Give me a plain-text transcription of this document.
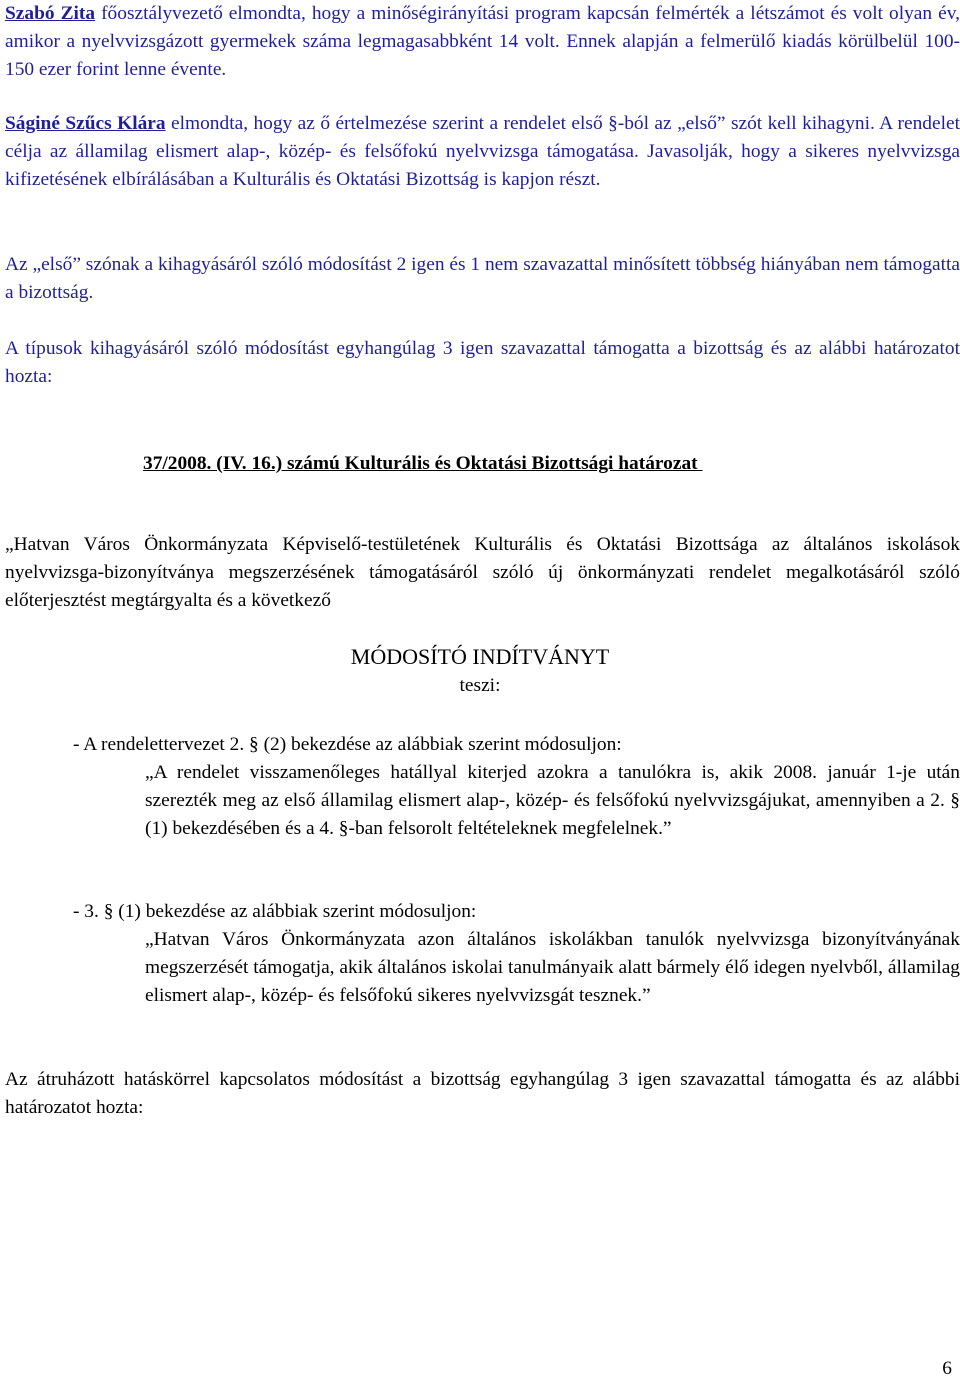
Szabó Zita főosztályvezető elmondta, hogy a minőségirányítási program kapcsán felmérték a létszámot és volt olyan év, amikor a nyelvvizsgázott gyermekek száma legmagasabbként 14 volt. Ennek alapján a felmerülő kiadás körülbelül 100-150 ezer forint lenne évente.

Ságiné Szűcs Klára elmondta, hogy az ő értelmezése szerint a rendelet első §-ból az „első” szót kell kihagyni. A rendelet célja az államilag elismert alap-, közép- és felsőfokú nyelvvizsga támogatása. Javasolják, hogy a sikeres nyelvvizsga kifizetésének elbírálásában a Kulturális és Oktatási Bizottság is kapjon részt.

Az „első” szónak a kihagyásáról szóló módosítást 2 igen és 1 nem szavazattal minősített többség hiányában nem támogatta a bizottság.

A típusok kihagyásáról szóló módosítást egyhangúlag 3 igen szavazattal támogatta a bizottság és az alábbi határozatot hozta:

37/2008. (IV. 16.) számú Kulturális és Oktatási Bizottsági határozat

„Hatvan Város Önkormányzata Képviselő-testületének Kulturális és Oktatási Bizottsága az általános iskolások nyelvvizsga-bizonyítványa megszerzésének támogatásáról szóló új önkormányzati rendelet megalkotásáról szóló előterjesztést megtárgyalta és a következő

MÓDOSÍTÓ INDÍTVÁNYT

teszi:

- A rendelettervezet 2. § (2) bekezdése az alábbiak szerint módosuljon:

„A rendelet visszamenőleges hatállyal kiterjed azokra a tanulókra is, akik 2008. január 1-je után szerezték meg az első államilag elismert alap-, közép- és felsőfokú nyelvvizsgájukat, amennyiben a 2. § (1) bekezdésében és a 4. §-ban felsorolt feltételeknek megfelelnek.”

- 3. § (1) bekezdése az alábbiak szerint módosuljon:

„Hatvan Város Önkormányzata azon általános iskolákban tanulók nyelvvizsga bizonyítványának megszerzését támogatja, akik általános iskolai tanulmányaik alatt bármely élő idegen nyelvből, államilag elismert alap-, közép- és felsőfokú sikeres nyelvvizsgát tesznek.”

Az átruházott hatáskörrel kapcsolatos módosítást a bizottság egyhangúlag 3 igen szavazattal támogatta és az alábbi határozatot hozta:

6
